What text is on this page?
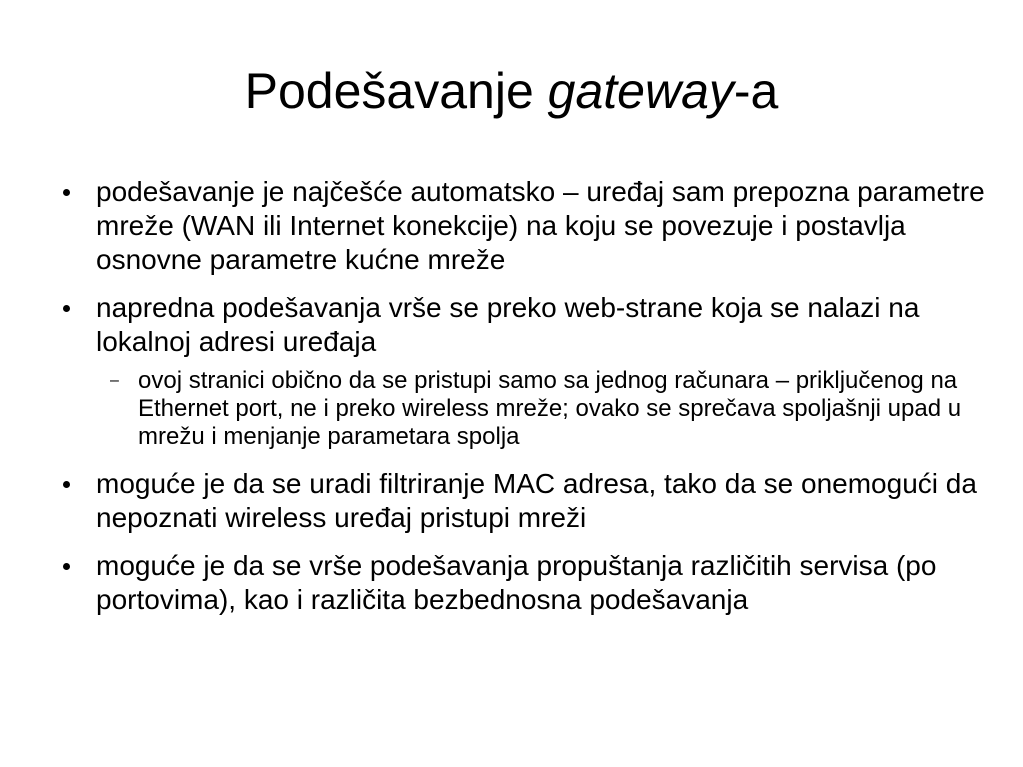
Podešavanje gateway-a
podešavanje je najčešće automatsko – uređaj sam prepozna parametre mreže (WAN ili Internet konekcije) na koju se povezuje i postavlja osnovne parametre kućne mreže
napredna podešavanja vrše se preko web-strane koja se nalazi na lokalnoj adresi uređaja
– ovoj stranici obično da se pristupi samo sa jednog računara – priključenog na Ethernet port, ne i preko wireless mreže; ovako se sprečava spoljašnji upad u mrežu i menjanje parametara spolja
moguće je da se uradi filtriranje MAC adresa, tako da se onemogući da nepoznati wireless uređaj pristupi mreži
moguće je da se vrše podešavanja propuštanja različitih servisa (po portovima), kao i različita bezbednosna podešavanja
